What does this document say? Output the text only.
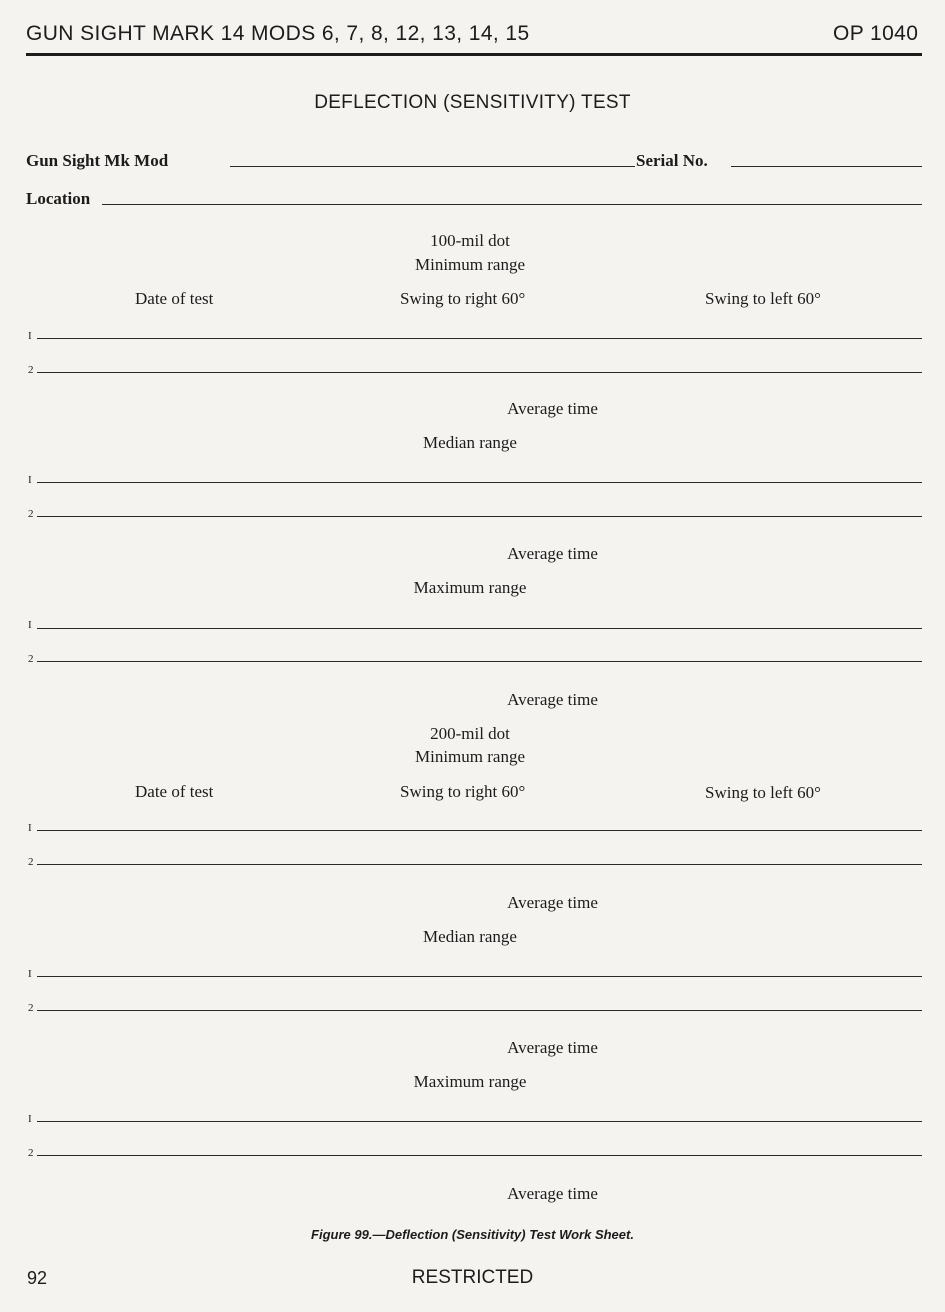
GUN SIGHT MARK 14 MODS 6, 7, 8, 12, 13, 14, 15	OP 1040
DEFLECTION (SENSITIVITY) TEST
Gun Sight Mk Mod	Serial No.
Location
100-mil dot
Minimum range
Date of test	Swing to right 60°	Swing to left 60°
I
2
Average time
Median range
I
2
Average time
Maximum range
I
2
Average time
200-mil dot
Minimum range
Date of test	Swing to right 60°	Swing to left 60°
I
2
Average time
Median range
I
2
Average time
Maximum range
I
2
Average time
Figure 99.—Deflection (Sensitivity) Test Work Sheet.
92	RESTRICTED
